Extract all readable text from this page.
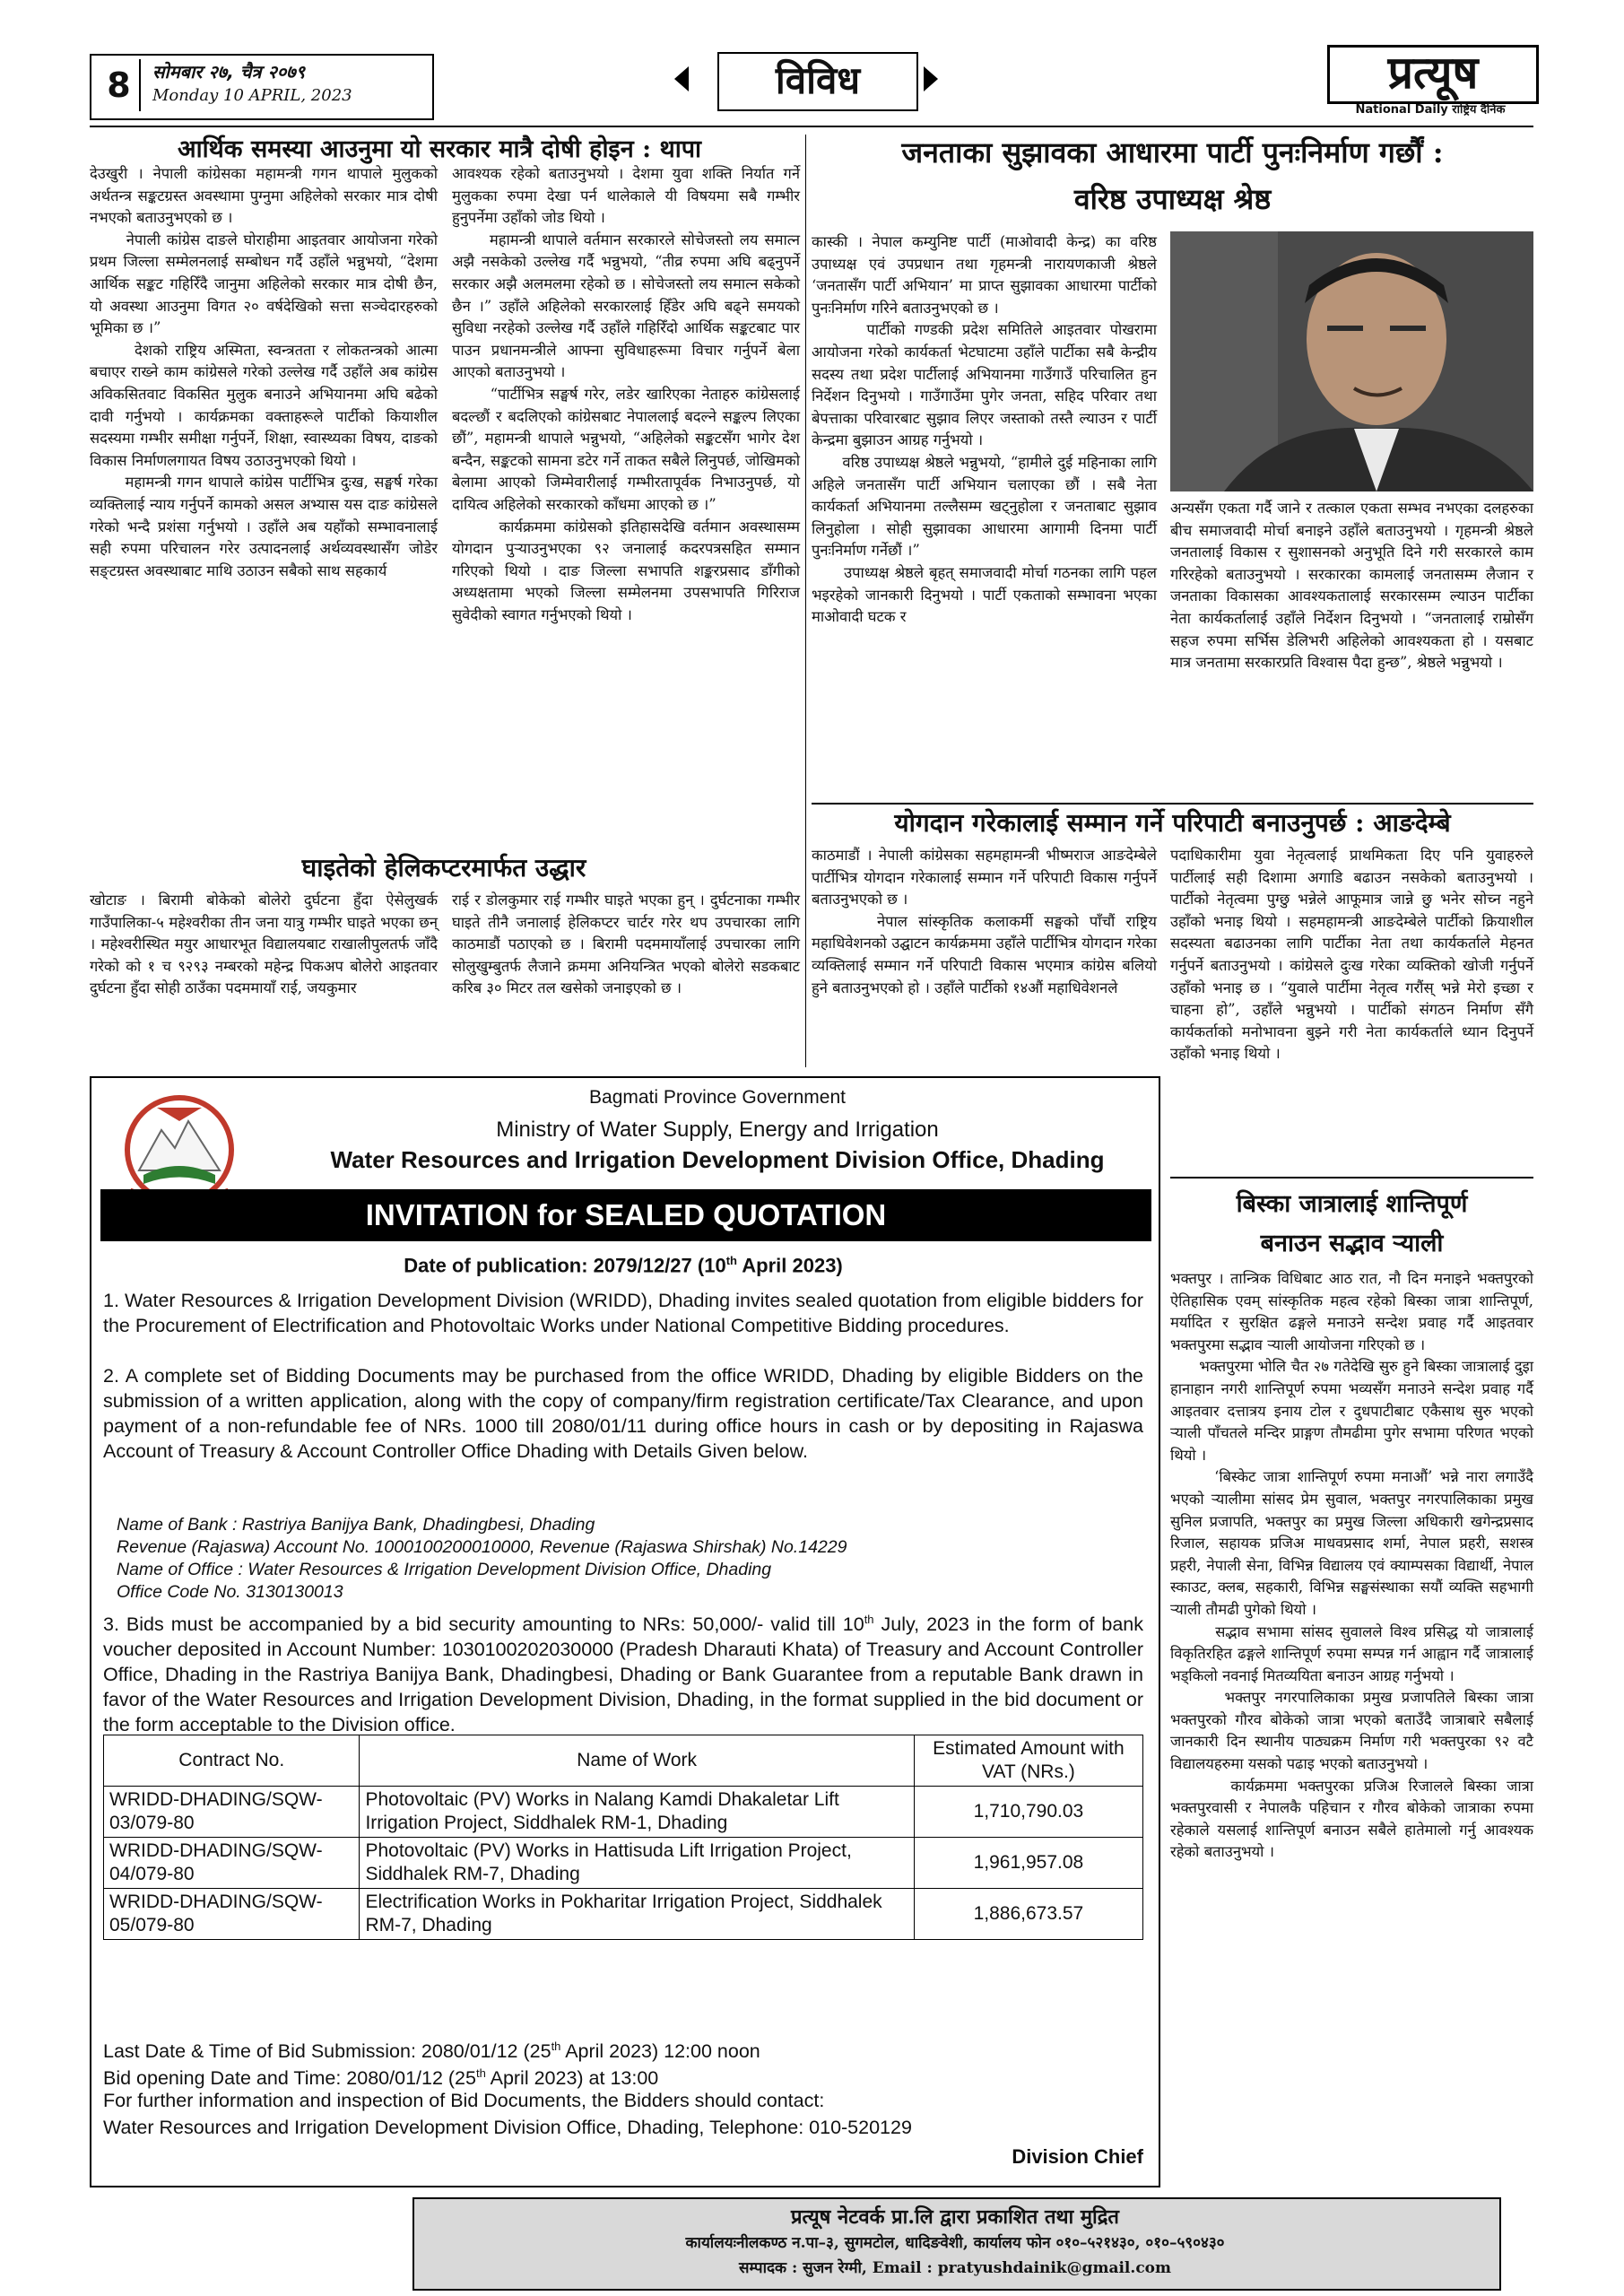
8	सोमबार २७, चैत्र २०७९
Monday 10 APRIL, 2023	विविध	प्रत्यूष
National Daily राष्ट्रिय दैनिक
आर्थिक समस्या आउनुमा यो सरकार मात्रै दोषी होइन : थापा
देउखुरी । नेपाली कांग्रेसका महामन्त्री गगन थापाले मुलुकको अर्थतन्त्र सङ्कटग्रस्त अवस्थामा पुग्नुमा अहिलेको सरकार मात्र दोषी नभएको बताउनुभएको छ ।
नेपाली कांग्रेस दाङले घोराहीमा आइतवार आयोजना गरेको प्रथम जिल्ला सम्मेलनलाई सम्बोधन गर्दै उहाँले भन्नुभयो, “देशमा आर्थिक सङ्कट गहिरिँदै जानुमा अहिलेको सरकार मात्र दोषी छैन, यो अवस्था आउनुमा विगत २० वर्षदेखिको सत्ता सञ्चेदारहरुको भूमिका छ ।”
देशको राष्ट्रिय अस्मिता, स्वन्त्रतता र लोकतन्त्रको आत्मा बचाएर राख्ने काम कांग्रेसले गरेको उल्लेख गर्दै उहाँले अब कांग्रेस अविकसितवाट विकसित मुलुक बनाउने अभियानमा अघि बढेको दावी गर्नुभयो । कार्यक्रमका वक्ताहरूले पार्टीको कियाशील सदस्यमा गम्भीर समीक्षा गर्नुपर्ने, शिक्षा, स्वास्थ्यका विषय, दाङको विकास निर्माणलगायत विषय उठाउनुभएको थियो ।
महामन्त्री गगन थापाले कांग्रेस पार्टीभित्र दुःख, सङ्घर्ष गरेका व्यक्तिलाई न्याय गर्नुपर्ने कामको असल अभ्यास यस दाङ कांग्रेसले गरेको भन्दै प्रशंसा गर्नुभयो । उहाँले अब यहाँको सम्भावनालाई सही रुपमा परिचालन गरेर उत्पादनलाई अर्थव्यवस्थासँग जोडेर सङ्टग्रस्त अवस्थाबाट माथि उठाउन सबैको साथ सहकार्य
आवश्यक रहेको बताउनुभयो । देशमा युवा शक्ति निर्यात गर्ने मुलुकका रुपमा देखा पर्न थालेकाले यी विषयमा सबै गम्भीर हुनुपर्नेमा उहाँको जोड थियो ।
महामन्त्री थापाले वर्तमान सरकारले सोचेजस्तो लय समात्न अझै नसकेको उल्लेख गर्दै भन्नुभयो, “तीव्र रुपमा अघि बढ्नुपर्ने सरकार अझै अलमलमा रहेको छ । सोचेजस्तो लय समात्न सकेको छैन ।” उहाँले अहिलेको सरकारलाई हिँडेर अघि बढ्ने समयको सुविधा नरहेको उल्लेख गर्दै उहाँले गहिरिँदो आर्थिक सङ्कटबाट पार पाउन प्रधानमन्त्रीले आफ्ना सुविधाहरूमा विचार गर्नुपर्ने बेला आएको बताउनुभयो ।
“पार्टीभित्र सङ्घर्ष गरेर, लडेर खारिएका नेताहरु कांग्रेसलाई बदल्छौं र बदलिएको कांग्रेसबाट नेपाललाई बदल्ने सङ्कल्प लिएका छौं”, महामन्त्री थापाले भन्नुभयो, “अहिलेको सङ्कटसँग भागेर देश बन्दैन, सङ्कटको सामना डटेर गर्ने ताकत सबैले लिनुपर्छ, जोखिमको बेलामा आएको जिम्मेवारीलाई गम्भीरतापूर्वक निभाउनुपर्छ, यो दायित्व अहिलेको सरकारको काँधमा आएको छ ।”
कार्यक्रममा कांग्रेसको इतिहासदेखि वर्तमान अवस्थासम्म योगदान पुऱ्याउनुभएका ९२ जनालाई कदरपत्रसहित सम्मान गरिएको थियो । दाङ जिल्ला सभापति शङ्करप्रसाद डाँगीको अध्यक्षतामा भएको जिल्ला सम्मेलनमा उपसभापति गिरिराज सुवेदीको स्वागत गर्नुभएको थियो ।
घाइतेको हेलिकप्टरमार्फत उद्धार
खोटाङ । बिरामी बोकेको बोलेरो दुर्घटना हुँदा ऐसेलुखर्क गाउँपालिका-५ महेश्वरीका तीन जना यात्रु गम्भीर घाइते भएका छन् । महेश्वरीस्थित मयुर आधारभूत विद्यालयबाट राखालीपुलतर्फ जाँदै गरेको को १ च ९२९३ नम्बरको महेन्द्र पिकअप बोलेरो आइतवार दुर्घटना हुँदा सोही ठाउँका पदममायाँ राई, जयकुमार
राई र डोलकुमार राई गम्भीर घाइते भएका हुन् । दुर्घटनाका गम्भीर घाइते तीनै जनालाई हेलिकप्टर चार्टर गरेर थप उपचारका लागि काठमाडौं पठाएको छ । बिरामी पदममायाँलाई उपचारका लागि सोलुखुम्बुतर्फ लैजाने क्रममा अनियन्त्रित भएको बोलेरो सडकबाट करिब ३० मिटर तल खसेको जनाइएको छ ।
जनताका सुझावका आधारमा पार्टी पुनःनिर्माण गर्छौं :
वरिष्ठ उपाध्यक्ष श्रेष्ठ
कास्की । नेपाल कम्युनिष्ट पार्टी (माओवादी केन्द्र) का वरिष्ठ उपाध्यक्ष एवं उपप्रधान तथा गृहमन्त्री नारायणकाजी श्रेष्ठले ‘जनतासँग पार्टी अभियान’ मा प्राप्त सुझावका आधारमा पार्टीको पुनःनिर्माण गरिने बताउनुभएको छ ।
पार्टीको गण्डकी प्रदेश समितिले आइतवार पोखरामा आयोजना गरेको कार्यकर्ता भेटघाटमा उहाँले पार्टीका सबै केन्द्रीय सदस्य तथा प्रदेश पार्टीलाई अभियानमा गाउँगाउँ परिचालित हुन निर्देशन दिनुभयो । गाउँगाउँमा पुगेर जनता, सहिद परिवार तथा बेपत्ताका परिवारबाट सुझाव लिएर जस्ताको तस्तै ल्याउन र पार्टी केन्द्रमा बुझाउन आग्रह गर्नुभयो ।
वरिष्ठ उपाध्यक्ष श्रेष्ठले भन्नुभयो, “हामीले दुई महिनाका लागि अहिले जनतासँग पार्टी अभियान चलाएका छौं । सबै नेता कार्यकर्ता अभियानमा तल्लैसम्म खट्नुहोला र जनताबाट सुझाव लिनुहोला । सोही सुझावका आधारमा आगामी दिनमा पार्टी पुनःनिर्माण गर्नेछौं ।”
उपाध्यक्ष श्रेष्ठले बृहत् समाजवादी मोर्चा गठनका लागि पहल भइरहेको जानकारी दिनुभयो । पार्टी एकताको सम्भावना भएका माओवादी घटक र
अन्यसँग एकता गर्दै जाने र तत्काल एकता सम्भव नभएका दलहरुका बीच समाजवादी मोर्चा बनाइने उहाँले बताउनुभयो । गृहमन्त्री श्रेष्ठले जनतालाई विकास र सुशासनको अनुभूति दिने गरी सरकारले काम गरिरहेको बताउनुभयो । सरकारका कामलाई जनतासम्म लैजान र जनताका विकासका आवश्यकतालाई सरकारसम्म ल्याउन पार्टीका नेता कार्यकर्तालाई उहाँले निर्देशन दिनुभयो । “जनतालाई राम्रोसँग सहज रुपमा सर्भिस डेलिभरी अहिलेको आवश्यकता हो । यसबाट मात्र जनतामा सरकारप्रति विश्वास पैदा हुन्छ”, श्रेष्ठले भन्नुभयो ।
योगदान गरेकालाई सम्मान गर्ने परिपाटी बनाउनुपर्छ : आङदेम्बे
काठमाडौं । नेपाली कांग्रेसका सहमहामन्त्री भीष्मराज आङदेम्बेले पार्टीभित्र योगदान गरेकालाई सम्मान गर्ने परिपाटी विकास गर्नुपर्ने बताउनुभएको छ ।
नेपाल सांस्कृतिक कलाकर्मी सङ्घको पाँचौं राष्ट्रिय महाधिवेशनको उद्घाटन कार्यक्रममा उहाँले पार्टीभित्र योगदान गरेका व्यक्तिलाई सम्मान गर्ने परिपाटी विकास भएमात्र कांग्रेस बलियो हुने बताउनुभएको हो । उहाँले पार्टीको १४औं महाधिवेशनले
पदाधिकारीमा युवा नेतृत्वलाई प्राथमिकता दिए पनि युवाहरुले पार्टीलाई सही दिशामा अगाडि बढाउन नसकेको बताउनुभयो । पार्टीको नेतृत्वमा पुग्छु भन्नेले आफूमात्र जान्ने छु भनेर सोच्न नहुने उहाँको भनाइ थियो । सहमहामन्त्री आङदेम्बेले पार्टीको क्रियाशील सदस्यता बढाउनका लागि पार्टीका नेता तथा कार्यकर्ताले मेहनत गर्नुपर्ने बताउनुभयो । कांग्रेसले दुःख गरेका व्यक्तिको खोजी गर्नुपर्ने उहाँको भनाइ छ । “युवाले पार्टीमा नेतृत्व गरौंस् भन्ने मेरो इच्छा र चाहना हो”, उहाँले भन्नुभयो । पार्टीको संगठन निर्माण सँगै कार्यकर्ताको मनोभावना बुझ्ने गरी नेता कार्यकर्ताले ध्यान दिनुपर्ने उहाँको भनाइ थियो ।
बिस्का जात्रालाई शान्तिपूर्ण
बनाउन सद्भाव र्‍याली
भक्तपुर । तान्त्रिक विधिबाट आठ रात, नौ दिन मनाइने भक्तपुरको ऐतिहासिक एवम् सांस्कृतिक महत्व रहेको बिस्का जात्रा शान्तिपूर्ण, मर्यादित र सुरक्षित ढङ्गले मनाउने सन्देश प्रवाह गर्दै आइतवार भक्तपुरमा सद्भाव र्‍याली आयोजना गरिएको छ ।
भक्तपुरमा भोलि चैत २७ गतेदेखि सुरु हुने बिस्का जात्रालाई दुइा हानाहान नगरी शान्तिपूर्ण रुपमा भव्यसँग मनाउने सन्देश प्रवाह गर्दै आइतवार दत्तात्रय इनाय टोल र दुधपाटीबाट एकैसाथ सुरु भएको र्‍याली पाँचतले मन्दिर प्राङ्गण तौमढीमा पुगेर सभामा परिणत भएको थियो ।
‘बिस्केट जात्रा शान्तिपूर्ण रुपमा मनाऔं’ भन्ने नारा लगाउँदै भएको र्‍यालीमा सांसद प्रेम सुवाल, भक्तपुर नगरपालिकाका प्रमुख सुनिल प्रजापति, भक्तपुर का प्रमुख जिल्ला अधिकारी खगेन्द्रप्रसाद रिजाल, सहायक प्रजिअ माधवप्रसाद शर्मा, नेपाल प्रहरी, सशस्त्र प्रहरी, नेपाली सेना, विभिन्न विद्यालय एवं क्याम्पसका विद्यार्थी, नेपाल स्काउट, क्लब, सहकारी, विभिन्न सङ्घसंस्थाका सयौं व्यक्ति सहभागी र्‍याली तौमढी पुगेको थियो ।
सद्भाव सभामा सांसद सुवालले विश्व प्रसिद्ध यो जात्रालाई विकृतिरहित ढङ्गले शान्तिपूर्ण रुपमा सम्पन्न गर्न आह्वान गर्दै जात्रालाई भड्किलो नवनाई मितव्ययिता बनाउन आग्रह गर्नुभयो ।
भक्तपुर नगरपालिकाका प्रमुख प्रजापतिले बिस्का जात्रा भक्तपुरको गौरव बोकेको जात्रा भएको बताउँदै जात्राबारे सबैलाई जानकारी दिन स्थानीय पाठ्यक्रम निर्माण गरी भक्तपुरका ९२ वटै विद्यालयहरुमा यसको पढाइ भएको बताउनुभयो ।
कार्यक्रममा भक्तपुरका प्रजिअ रिजालले बिस्का जात्रा भक्तपुरवासी र नेपालकै पहिचान र गौरव बोकेको जात्राका रुपमा रहेकाले यसलाई शान्तिपूर्ण बनाउन सबैले हातेमालो गर्नु आवश्यक रहेको बताउनुभयो ।
Bagmati Province Government
Ministry of Water Supply, Energy and Irrigation
Water Resources and Irrigation Development Division Office, Dhading
INVITATION for SEALED QUOTATION
Date of publication: 2079/12/27 (10th April 2023)
1. Water Resources & Irrigation Development Division (WRIDD), Dhading invites sealed quotation from eligible bidders for the Procurement of Electrification and Photovoltaic Works under National Competitive Bidding procedures.
2. A complete set of Bidding Documents may be purchased from the office WRIDD, Dhading by eligible Bidders on the submission of a written application, along with the copy of company/firm registration certificate/Tax Clearance, and upon payment of a non-refundable fee of NRs. 1000 till 2080/01/11 during office hours in cash or by depositing in Rajaswa Account of Treasury & Account Controller Office Dhading with Details Given below.
Name of Bank : Rastriya Banijya Bank, Dhadingbesi, Dhading
Revenue (Rajaswa) Account No. 1000100200010000, Revenue (Rajaswa Shirshak) No.14229
Name of Office : Water Resources & Irrigation Development Division Office, Dhading
Office Code No. 3130130013
3. Bids must be accompanied by a bid security amounting to NRs: 50,000/- valid till 10th July, 2023 in the form of bank voucher deposited in Account Number: 1030100202030000 (Pradesh Dharauti Khata) of Treasury and Account Controller Office, Dhading in the Rastriya Banijya Bank, Dhadingbesi, Dhading or Bank Guarantee from a reputable Bank drawn in favor of the Water Resources and Irrigation Development Division, Dhading, in the format supplied in the bid document or the form acceptable to the Division office.
Contract No.	Name of Work	Estimated Amount with VAT (NRs.)
WRIDD-DHADING/SQW-03/079-80	Photovoltaic (PV) Works in Nalang Kamdi Dhakaletar Lift Irrigation Project, Siddhalek RM-1, Dhading	1,710,790.03
WRIDD-DHADING/SQW-04/079-80	Photovoltaic (PV) Works in Hattisuda Lift Irrigation Project, Siddhalek RM-7, Dhading	1,961,957.08
WRIDD-DHADING/SQW-05/079-80	Electrification Works in Pokharitar Irrigation Project, Siddhalek RM-7, Dhading	1,886,673.57
Last Date & Time of Bid Submission: 2080/01/12 (25th April 2023) 12:00 noon
Bid opening Date and Time: 2080/01/12 (25th April 2023) at 13:00
For further information and inspection of Bid Documents, the Bidders should contact:
Water Resources and Irrigation Development Division Office, Dhading, Telephone: 010-520129
Division Chief
प्रत्यूष नेटवर्क प्रा.लि द्वारा प्रकाशित तथा मुद्रित
कार्यालयःनीलकण्ठ न.पा–३, सुगमटोल, धादिङवेशी, कार्यालय फोन ०१०–५२१४३०, ०१०–५९०४३०
सम्पादक : सुजन रेग्मी, Email : pratyushdainik@gmail.com
